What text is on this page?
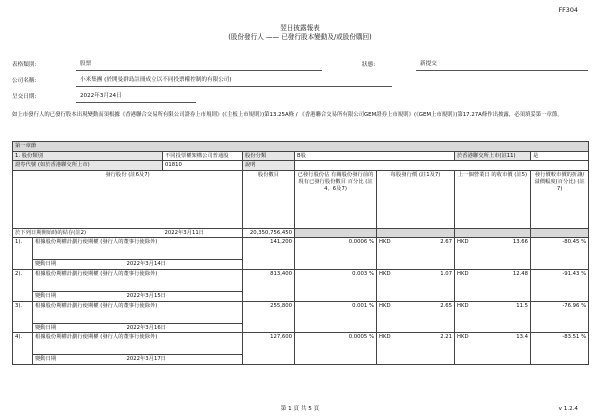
FF304
翌日披露報表
(股份發行人 —— 已發行股本變動及/或股份購回)
表格類別:	股票	狀態:	新提交
公司名稱:	小米集團 (於開曼群島註冊成立以不同投票權控制的有限公司)
呈交日期:	2022年3月24日
如上市發行人的已發行股本出現變動而須根據《香港聯合交易所有限公司證券上市規則》(《主板上市規則》)第13.25A條 / 《香港聯合交易所有限公司GEM證券上市規則》(《GEM上市規則》)第17.27A條作出披露，必須填妥第一章節。
第一章節										
1. 股份類別			不同投票權架構公司普通股	股份分類	B股			於香港聯交所上市(註11)		是
證券代號 (如於香港聯交所上市)			01810	說明						
發行股份 (註6及7)				股份數目	已發行股份佔 有關股份發行前的 現有已發行股份數目 百分比 (註4、6及7)	每股發行價 (註1及7)		上一個營業日 的收市價 (註5)		發行價較市價的折讓/ 溢價幅度(百分比) (註7)
於下列日期開始時的結存(註2)			2022年3月11日	20,350,756,450						
1).	根據股份期權計劃行使期權 (發行人的董事行使除外)			141,200	0.0006 %	HKD	2.67	HKD	13.66	-80.45 %
	變動日期	2022年3月14日								
2).	根據股份期權計劃行使期權 (發行人的董事行使除外)			813,400	0.003 %	HKD	1.07	HKD	12.48	-91.43 %
	變動日期	2022年3月15日								
3).	根據股份期權計劃行使期權 (發行人的董事行使除外)			255,800	0.001 %	HKD	2.65	HKD	11.5	-76.96 %
	變動日期	2022年3月16日								
4).	根據股份期權計劃行使期權 (發行人的董事行使除外)			127,600	0.0005 %	HKD	2.21	HKD	13.4	-83.51 %
	變動日期	2022年3月17日								
第 1 頁 共 5 頁	v 1.2.4
